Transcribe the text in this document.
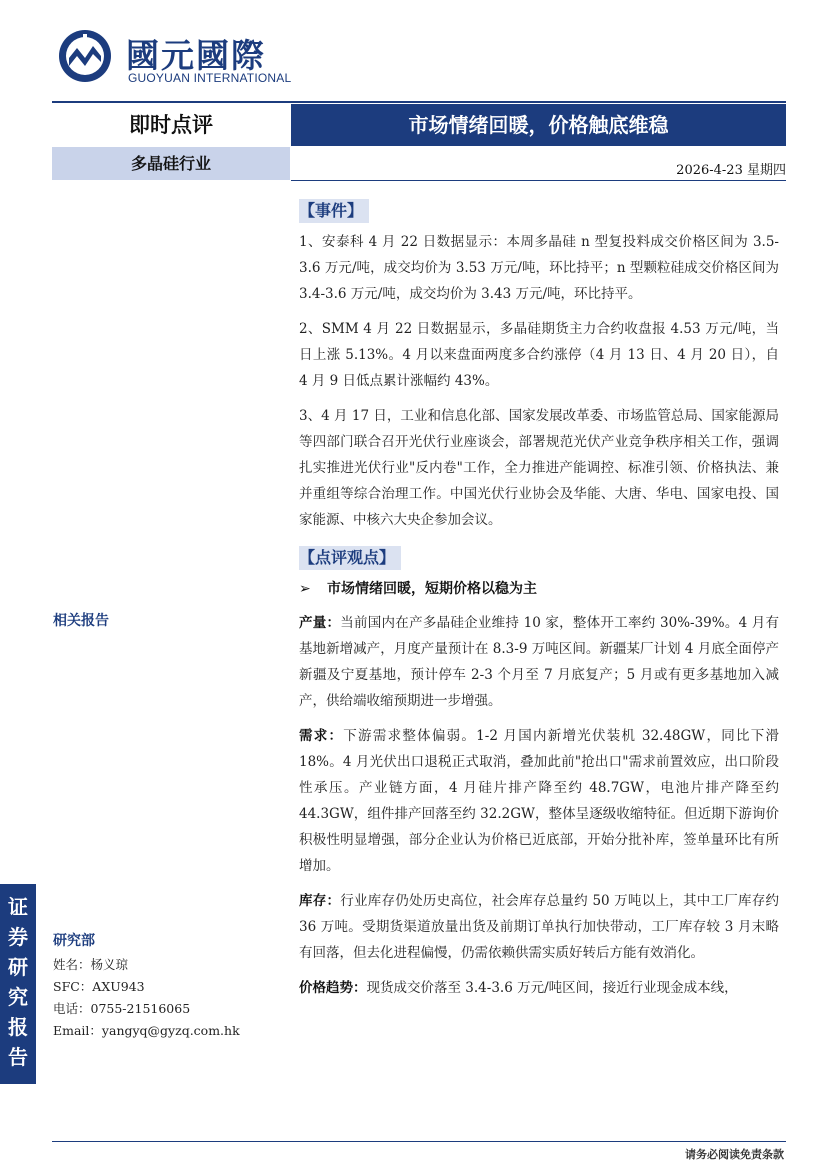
國元國際
GUOYUAN INTERNATIONAL
即时点评	市场情绪回暖，价格触底维稳
多晶硅行业	2026-4-23 星期四
相关报告
研究部
姓名：杨义琼
SFC：AXU943
电话：0755-21516065
Email：yangyq@gyzq.com.hk
证
券
研
究
报
告
【事件】

1、安泰科 4 月 22 日数据显示：本周多晶硅 n 型复投料成交价格区间为 3.5-3.6 万元/吨，成交均价为 3.53 万元/吨，环比持平；n 型颗粒硅成交价格区间为 3.4-3.6 万元/吨，成交均价为 3.43 万元/吨，环比持平。

2、SMM 4 月 22 日数据显示，多晶硅期货主力合约收盘报 4.53 万元/吨，当日上涨 5.13%。4 月以来盘面两度多合约涨停（4 月 13 日、4 月 20 日），自 4 月 9 日低点累计涨幅约 43%。

3、4 月 17 日，工业和信息化部、国家发展改革委、市场监管总局、国家能源局等四部门联合召开光伏行业座谈会，部署规范光伏产业竞争秩序相关工作，强调扎实推进光伏行业"反内卷"工作，全力推进产能调控、标准引领、价格执法、兼并重组等综合治理工作。中国光伏行业协会及华能、大唐、华电、国家电投、国家能源、中核六大央企参加会议。

【点评观点】
➢ 市场情绪回暖，短期价格以稳为主

产量：当前国内在产多晶硅企业维持 10 家，整体开工率约 30%-39%。4 月有基地新增减产，月度产量预计在 8.3-9 万吨区间。新疆某厂计划 4 月底全面停产新疆及宁夏基地，预计停车 2-3 个月至 7 月底复产；5 月或有更多基地加入减产，供给端收缩预期进一步增强。

需求：下游需求整体偏弱。1-2 月国内新增光伏装机 32.48GW，同比下滑 18%。4 月光伏出口退税正式取消，叠加此前"抢出口"需求前置效应，出口阶段性承压。产业链方面，4 月硅片排产降至约 48.7GW，电池片排产降至约 44.3GW，组件排产回落至约 32.2GW，整体呈逐级收缩特征。但近期下游询价积极性明显增强，部分企业认为价格已近底部，开始分批补库，签单量环比有所增加。

库存：行业库存仍处历史高位，社会库存总量约 50 万吨以上，其中工厂库存约 36 万吨。受期货渠道放量出货及前期订单执行加快带动，工厂库存较 3 月末略有回落，但去化进程偏慢，仍需依赖供需实质好转后方能有效消化。

价格趋势：现货成交价落至 3.4-3.6 万元/吨区间，接近行业现金成本线，

请务必阅读免责条款
